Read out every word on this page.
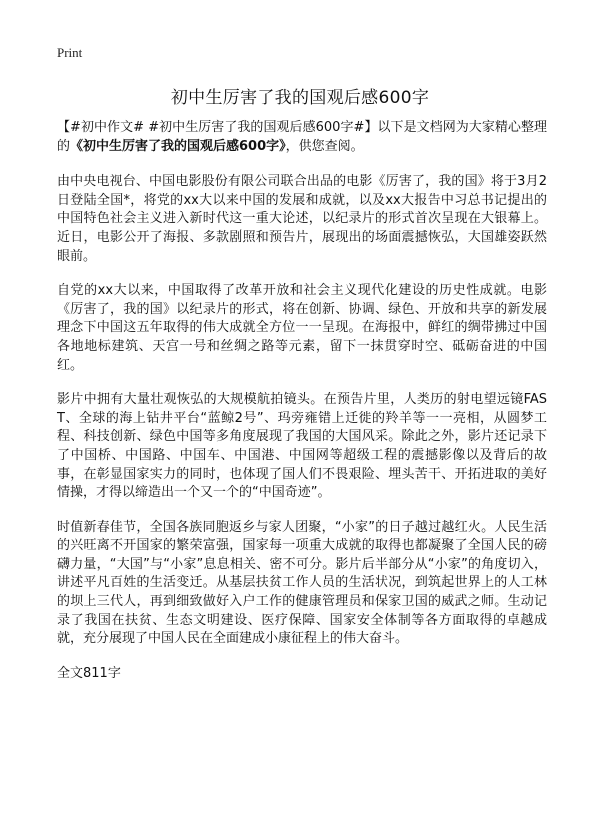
Print
初中生厉害了我的国观后感600字

【#初中作文# #初中生厉害了我的国观后感600字#】以下是文档网为大家精心整理的《初中生厉害了我的国观后感600字》，供您查阅。

由中央电视台、中国电影股份有限公司联合出品的电影《厉害了，我的国》将于3月2日登陆全国*，将党的xx大以来中国的发展和成就，以及xx大报告中习总书记提出的中国特色社会主义进入新时代这一重大论述，以纪录片的形式首次呈现在大银幕上。近日，电影公开了海报、多款剧照和预告片，展现出的场面震撼恢弘，大国雄姿跃然眼前。

自党的xx大以来，中国取得了改革开放和社会主义现代化建设的历史性成就。电影《厉害了，我的国》以纪录片的形式，将在创新、协调、绿色、开放和共享的新发展理念下中国这五年取得的伟大成就全方位一一呈现。在海报中，鲜红的绸带拂过中国各地地标建筑、天宫一号和丝绸之路等元素，留下一抹贯穿时空、砥砺奋进的中国红。

影片中拥有大量壮观恢弘的大规模航拍镜头。在预告片里，人类历的射电望远镜FAST、全球的海上钻井平台“蓝鲸2号”、玛旁雍错上迁徙的羚羊等一一亮相，从圆梦工程、科技创新、绿色中国等多角度展现了我国的大国风采。除此之外，影片还记录下了中国桥、中国路、中国车、中国港、中国网等超级工程的震撼影像以及背后的故事，在彰显国家实力的同时，也体现了国人们不畏艰险、埋头苦干、开拓进取的美好情操，才得以缔造出一个又一个的“中国奇迹”。

时值新春佳节，全国各族同胞返乡与家人团聚，“小家”的日子越过越红火。人民生活的兴旺离不开国家的繁荣富强，国家每一项重大成就的取得也都凝聚了全国人民的磅礴力量，“大国”与“小家”息息相关、密不可分。影片后半部分从“小家”的角度切入，讲述平凡百姓的生活变迁。从基层扶贫工作人员的生活状况，到筑起世界上的人工林的坝上三代人，再到细致做好入户工作的健康管理员和保家卫国的威武之师。生动记录了我国在扶贫、生态文明建设、医疗保障、国家安全体制等各方面取得的卓越成就，充分展现了中国人民在全面建成小康征程上的伟大奋斗。

全文811字
